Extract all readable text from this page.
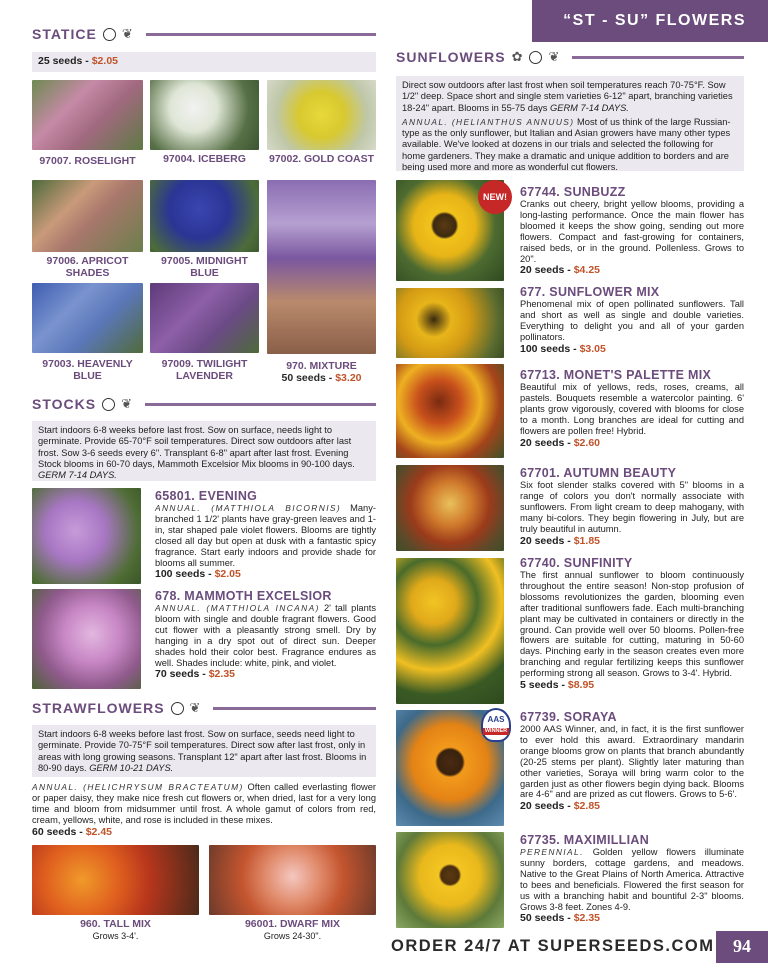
“ST - SU” FLOWERS
STATICE ❦
25 seeds - $2.05
97007. ROSELIGHT	97004. ICEBERG	97002. GOLD COAST
97006. APRICOT SHADES
97005. MIDNIGHT BLUE
97003. HEAVENLY BLUE
97009. TWILIGHT LAVENDER
970. MIXTURE
50 seeds - $3.20
STOCKS ❦
Start indoors 6-8 weeks before last frost. Sow on surface, needs light to germinate. Provide 65-70°F soil temperatures. Direct sow outdoors after last frost. Sow 3-6 seeds every 6". Transplant 6-8" apart after last frost. Evening Stock blooms in 60-70 days, Mammoth Excelsior Mix blooms in 90-100 days. GERM 7-14 DAYS.
65801. EVENING
ANNUAL. (MATTHIOLA BICORNIS) Many-branched 1 1/2' plants have gray-green leaves and 1-in, star shaped pale violet flowers. Blooms are tightly closed all day but open at dusk with a fantastic spicy fragrance. Start early indoors and provide shade for blooms all summer.
100 seeds - $2.05
678. MAMMOTH EXCELSIOR
ANNUAL. (MATTHIOLA INCANA) 2' tall plants bloom with single and double fragrant flowers. Good cut flower with a pleasantly strong smell. Dry by hanging in a dry spot out of direct sun. Deeper shades hold their color best. Fragrance endures as well. Shades include: white, pink, and violet.
70 seeds - $2.35
STRAWFLOWERS ❦
Start indoors 6-8 weeks before last frost. Sow on surface, seeds need light to germinate. Provide 70-75°F soil temperatures. Direct sow after last frost, only in areas with long growing seasons. Transplant 12" apart after last frost. Blooms in 80-90 days. GERM 10-21 DAYS.
ANNUAL. (HELICHRYSUM BRACTEATUM) Often called everlasting flower or paper daisy, they make nice fresh cut flowers or, when dried, last for a very long time and bloom from midsummer until frost. A whole gamut of colors from red, cream, yellows, white, and rose is included in these mixes.
60 seeds - $2.45
960. TALL MIX
Grows 3-4'.
96001. DWARF MIX
Grows 24-30".
SUNFLOWERS ✿ ❦
Direct sow outdoors after last frost when soil temperatures reach 70-75°F. Sow 1/2" deep. Space short and single stem varieties 6-12" apart, branching varieties 18-24" apart. Blooms in 55-75 days GERM 7-14 DAYS.
ANNUAL. (HELIANTHUS ANNUUS) Most of us think of the large Russian-type as the only sunflower, but Italian and Asian growers have many other types available. We've looked at dozens in our trials and selected the following for home gardeners. They make a dramatic and unique addition to borders and are being used more and more as wonderful cut flowers.
NEW!
AAS
WINNER
67744. SUNBUZZ
Cranks out cheery, bright yellow blooms, providing a long-lasting performance. Once the main flower has bloomed it keeps the show going, sending out more flowers. Compact and fast-growing for containers, raised beds, or in the ground. Pollenless. Grows to 20".
20 seeds - $4.25
677. SUNFLOWER MIX
Phenomenal mix of open pollinated sunflowers. Tall and short as well as single and double varieties. Everything to delight you and all of your garden pollinators.
100 seeds - $3.05
67713. MONET'S PALETTE MIX
Beautiful mix of yellows, reds, roses, creams, all pastels. Bouquets resemble a watercolor painting. 6' plants grow vigorously, covered with blooms for close to a month. Long branches are ideal for cutting and flowers are pollen free! Hybrid.
20 seeds - $2.60
67701. AUTUMN BEAUTY
Six foot slender stalks covered with 5" blooms in a range of colors you don't normally associate with sunflowers. From light cream to deep mahogany, with many bi-colors. They begin flowering in July, but are truly beautiful in autumn.
20 seeds - $1.85
67740. SUNFINITY
The first annual sunflower to bloom continuously throughout the entire season! Non-stop profusion of blossoms revolutionizes the garden, blooming even after traditional sunflowers fade. Each multi-branching plant may be cultivated in containers or directly in the ground. Can provide well over 50 blooms. Pollen-free flowers are suitable for cutting, maturing in 50-60 days. Pinching early in the season creates even more branching and regular fertilizing keeps this sunflower performing strong all season. Grows to 3-4'. Hybrid.
5 seeds - $8.95
67739. SORAYA
2000 AAS Winner, and, in fact, it is the first sunflower to ever hold this award. Extraordinary mandarin orange blooms grow on plants that branch abundantly (20-25 stems per plant). Slightly later maturing than other varieties, Soraya will bring warm color to the garden just as other flowers begin dying back. Blooms are 4-6" and are prized as cut flowers. Grows to 5-6'.
20 seeds - $2.85
67735. MAXIMILLIAN
PERENNIAL. Golden yellow flowers illuminate sunny borders, cottage gardens, and meadows. Native to the Great Plains of North America. Attractive to bees and beneficials. Flowered the first season for us with a branching habit and bountiful 2-3" blooms. Grows 3-8 feet. Zones 4-9.
50 seeds - $2.35
ORDER 24/7 AT SUPERSEEDS.COM	94
